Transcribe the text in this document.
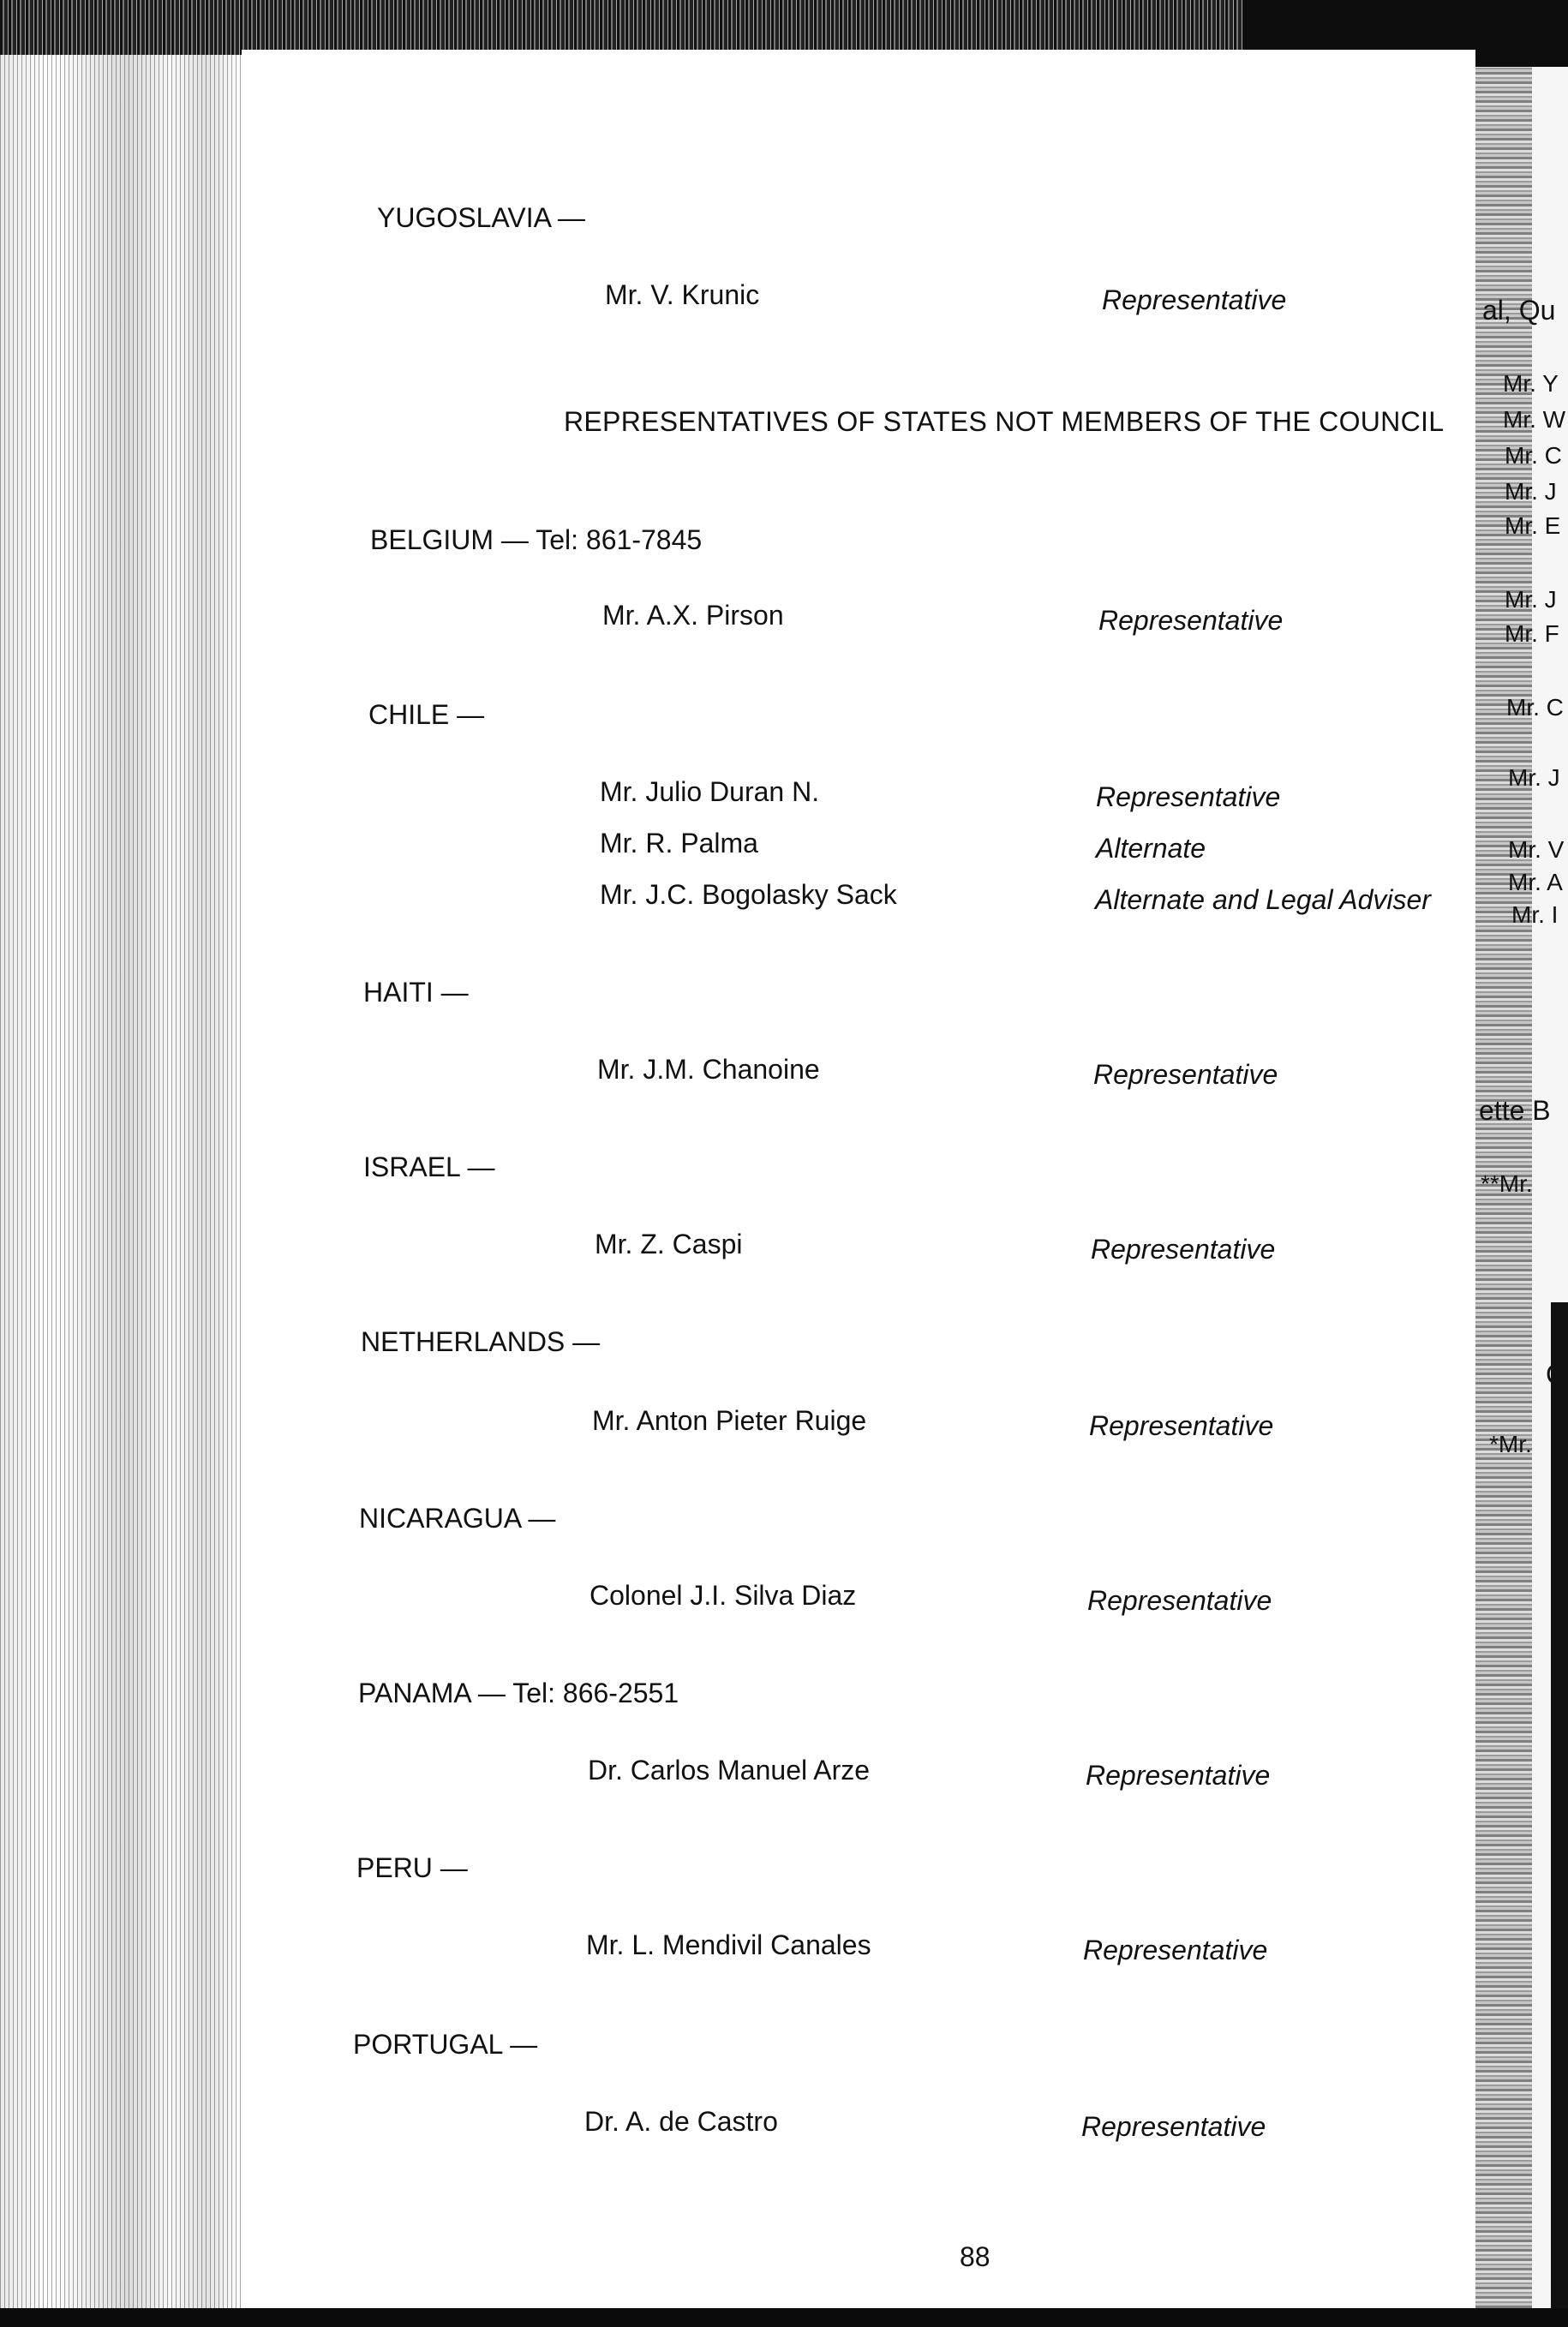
YUGOSLAVIA —

Mr. V. Krunic	Representative

REPRESENTATIVES OF STATES NOT MEMBERS OF THE COUNCIL

BELGIUM — Tel: 861-7845

Mr. A.X. Pirson	Representative

CHILE —

Mr. Julio Duran N.	Representative

Mr. R. Palma	Alternate

Mr. J.C. Bogolasky Sack	Alternate and Legal Adviser

HAITI —

Mr. J.M. Chanoine	Representative

ISRAEL —

Mr. Z. Caspi	Representative

NETHERLANDS —

Mr. Anton Pieter Ruige	Representative

NICARAGUA —

Colonel J.I. Silva Diaz	Representative

PANAMA — Tel: 866-2551

Dr. Carlos Manuel Arze	Representative

PERU —

Mr. L. Mendivil Canales	Representative

PORTUGAL —

Dr. A. de Castro	Representative

88

al, Qu

Mr. Y

Mr. W

Mr. C

Mr. J

Mr. E

Mr. J

Mr. F

Mr. C

Mr. J

Mr. V

Mr. A

Mr. I

ette B

**Mr.

C

*Mr.
